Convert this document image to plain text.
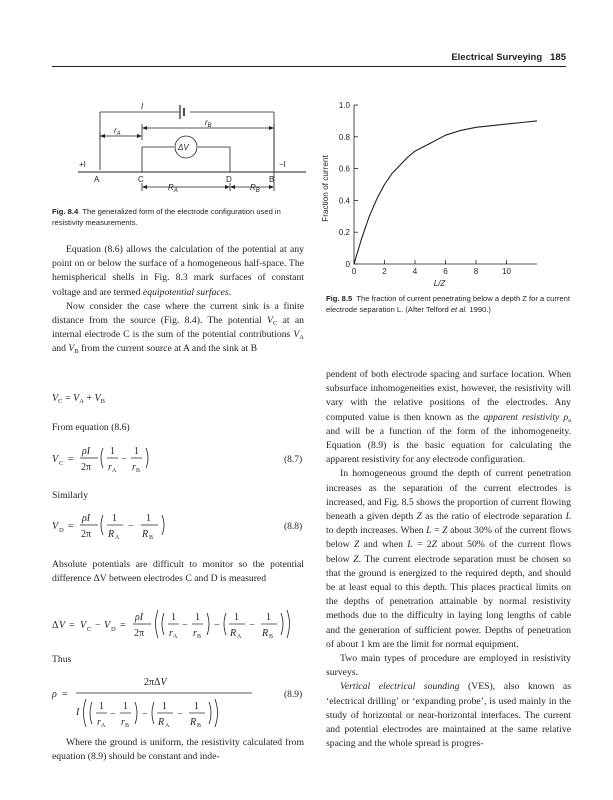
Electrical Surveying 185
I
$r_A$
$r_B$
ΔV
+I	−I
A	C	D	B
$R_A$	$R_B$
Fig. 8.4 The generalized form of the electrode configuration used in resistivity measurements.
0
0.2
0.4
0.6
0.8
1.0
0	2	4	6	8	10
Fraction of current
L/Z
Fig. 8.5 The fraction of current penetrating below a depth Z for a current electrode separation L. (After Telford et al. 1990.)

Equation (8.6) allows the calculation of the potential at any point on or below the surface of a homogeneous half-space. The hemispherical shells in Fig. 8.3 mark surfaces of constant voltage and are termed equipotential surfaces.

Now consider the case where the current sink is a finite distance from the source (Fig. 8.4). The potential $V_C$ at an internal electrode C is the sum of the potential contributions $V_A$ and $V_B$ from the current source at A and the sink at B

$V_C = V_A + V_B$
From equation (8.6)
V C =
ρI
2π
1
r A
−
1
r B
(8.7)
Similarly
V D =
ρI
2π
1
R A
−
1
R B
(8.8)

Absolute potentials are difficult to monitor so the potential difference ΔV between electrodes C and D is measured

Δ V = V C − V D =
ρI
2π
1
r A
−
1
r B
−
1
R A
−
1
R B
Thus
ρ =
2πΔV
I
1
r A
−
1
r B
−
1
R A
−
1
R B
(8.9)

Where the ground is uniform, the resistivity calculated from equation (8.9) should be constant and inde-

pendent of both electrode spacing and surface location. When subsurface inhomogeneities exist, however, the resistivity will vary with the relative positions of the electrodes. Any computed value is then known as the apparent resistivity $\rho_a$ and will be a function of the form of the inhomogeneity. Equation (8.9) is the basic equation for calculating the apparent resistivity for any electrode configuration.

In homogeneous ground the depth of current penetration increases as the separation of the current electrodes is increased, and Fig. 8.5 shows the proportion of current flowing beneath a given depth Z as the ratio of electrode separation L to depth increases. When L = Z about 30% of the current flows below Z and when L = 2Z about 50% of the current flows below Z. The current electrode separation must be chosen so that the ground is energized to the required depth, and should be at least equal to this depth. This places practical limits on the depths of penetration attainable by normal resistivity methods due to the difficulty in laying long lengths of cable and the generation of sufficient power. Depths of penetration of about 1 km are the limit for normal equipment.

Two main types of procedure are employed in resistivity surveys.

Vertical electrical sounding (VES), also known as ‘electrical drilling’ or ‘expanding probe’, is used mainly in the study of horizontal or near-horizontal interfaces. The current and potential electrodes are maintained at the same relative spacing and the whole spread is progres-
